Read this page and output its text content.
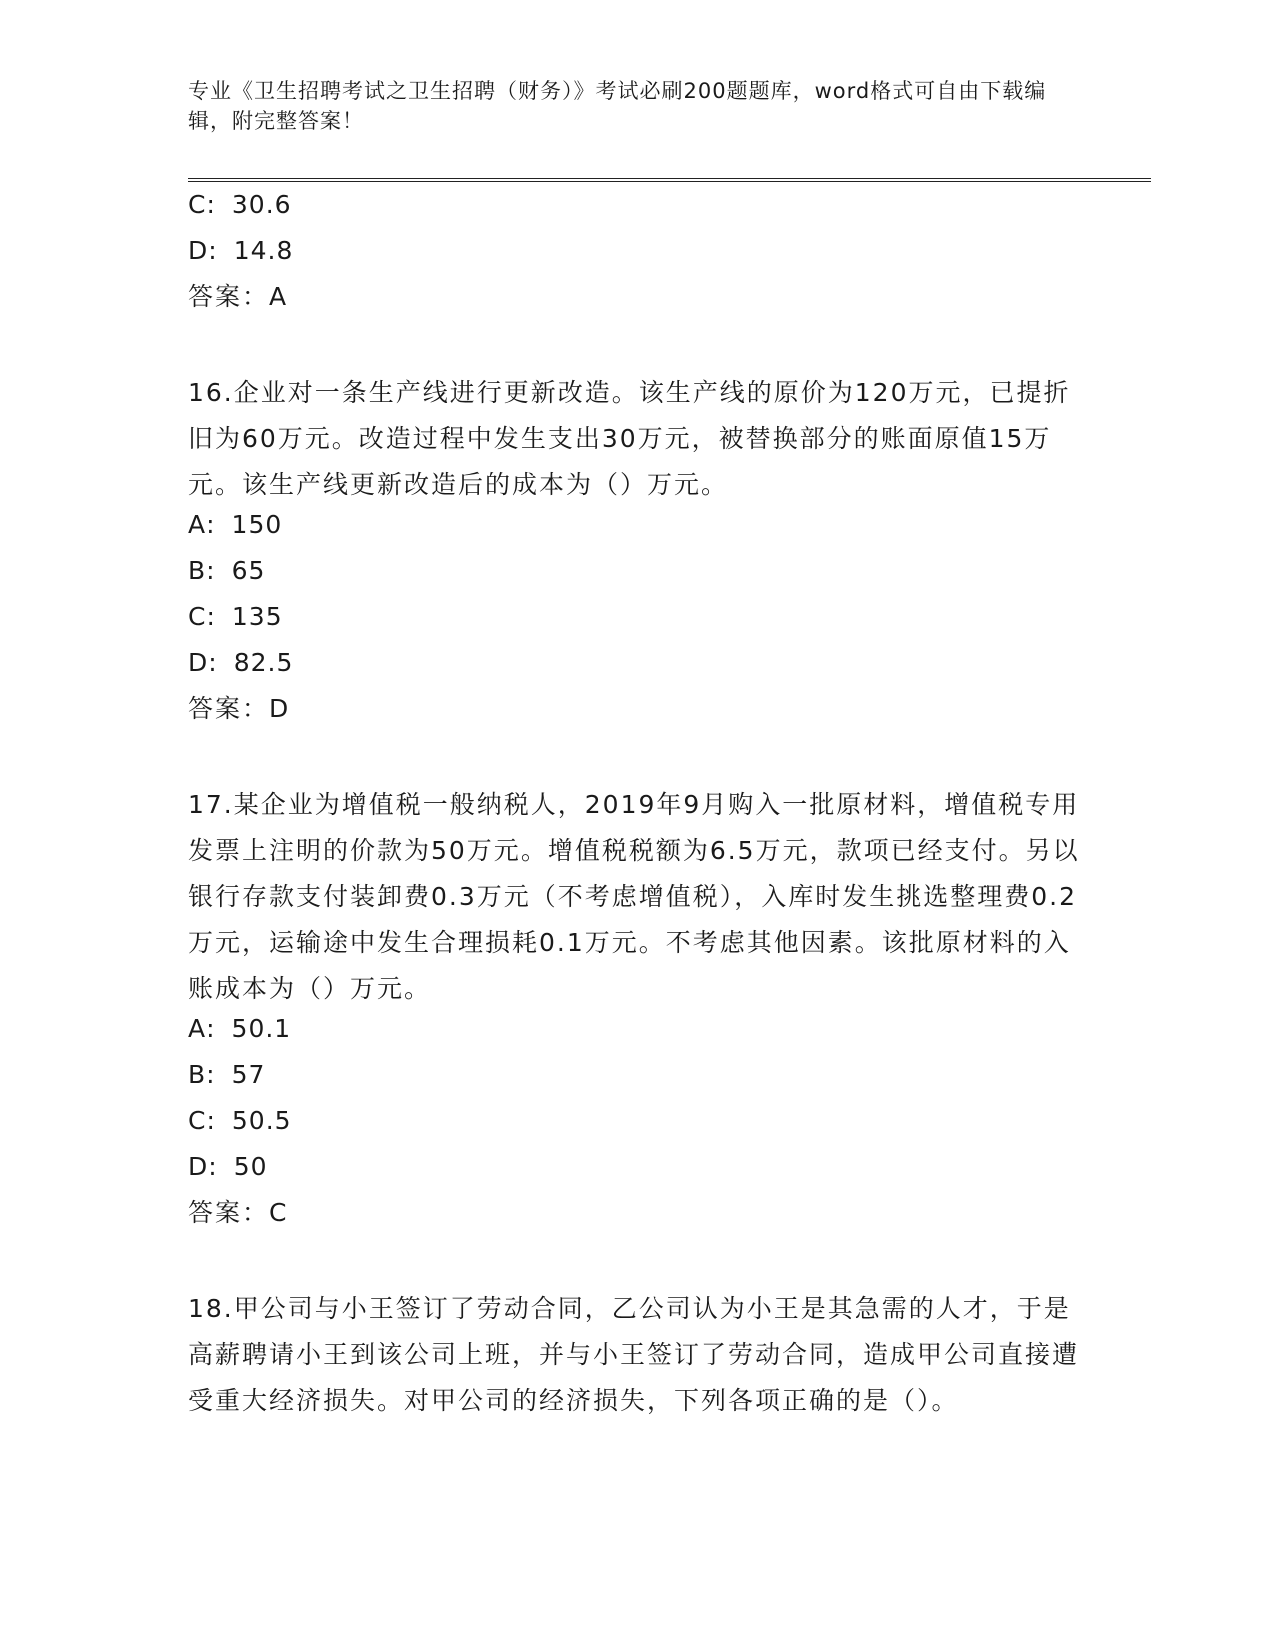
专业《卫生招聘考试之卫生招聘（财务）》考试必刷200题题库，word格式可自由下载编辑，附完整答案！
C: 30.6
D: 14.8
答案：A
16.企业对一条生产线进行更新改造。该生产线的原价为120万元，已提折旧为60万元。改造过程中发生支出30万元，被替换部分的账面原值15万元。该生产线更新改造后的成本为（）万元。
A: 150
B: 65
C: 135
D: 82.5
答案：D
17.某企业为增值税一般纳税人，2019年9月购入一批原材料，增值税专用发票上注明的价款为50万元。增值税税额为6.5万元，款项已经支付。另以银行存款支付装卸费0.3万元（不考虑增值税），入库时发生挑选整理费0.2万元，运输途中发生合理损耗0.1万元。不考虑其他因素。该批原材料的入账成本为（）万元。
A: 50.1
B: 57
C: 50.5
D: 50
答案：C
18.甲公司与小王签订了劳动合同，乙公司认为小王是其急需的人才，于是高薪聘请小王到该公司上班，并与小王签订了劳动合同，造成甲公司直接遭受重大经济损失。对甲公司的经济损失，下列各项正确的是（）。
